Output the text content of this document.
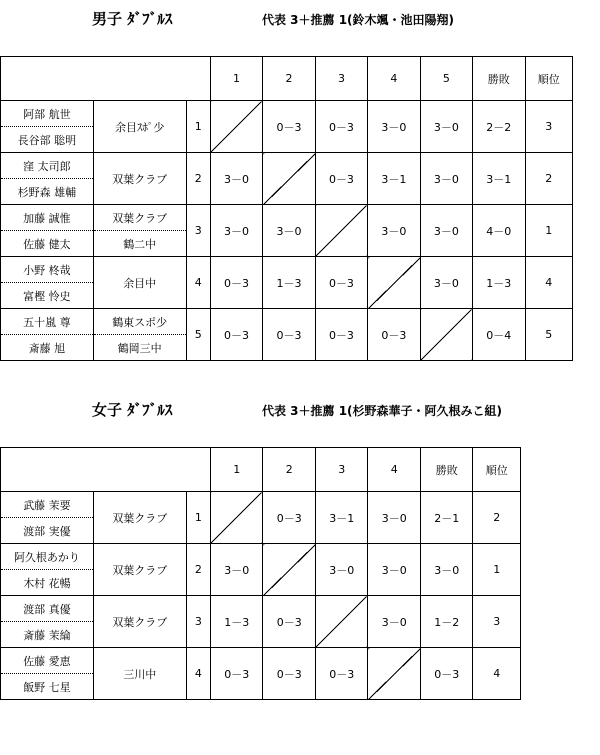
男子 ﾀﾞﾌﾞﾙｽ	代表 3＋推薦 1(鈴木颯・池田陽翔)
			1	2	3	4	5	勝敗	順位
阿部 航世	余目ｽﾎﾟ少	1		0－3	0－3	3－0	3－0	2－2	3
長谷部 聡明									
窪 太司郎	双葉クラブ	2	3－0		0－3	3－1	3－0	3－1	2
杉野森 雄輔									
加藤 誠惟	双葉クラブ	3	3－0	3－0		3－0	3－0	4－0	1
佐藤 健太	鶴二中								
小野 柊哉	余目中	4	0－3	1－3	0－3		3－0	1－3	4
富樫 怜史									
五十嵐 尊	鶴東スポ少	5	0－3	0－3	0－3	0－3		0－4	5
斎藤 旭	鶴岡三中								
女子 ﾀﾞﾌﾞﾙｽ	代表 3＋推薦 1(杉野森華子・阿久根みこ組)
			1	2	3	4	勝敗	順位
武藤 茉要	双葉クラブ	1		0－3	3－1	3－0	2－1	2
渡部 実優								
阿久根あかり	双葉クラブ	2	3－0		3－0	3－0	3－0	1
木村 花暢								
渡部 真優	双葉クラブ	3	1－3	0－3		3－0	1－2	3
斎藤 茉綸								
佐藤 愛恵	三川中	4	0－3	0－3	0－3		0－3	4
飯野 七星								
